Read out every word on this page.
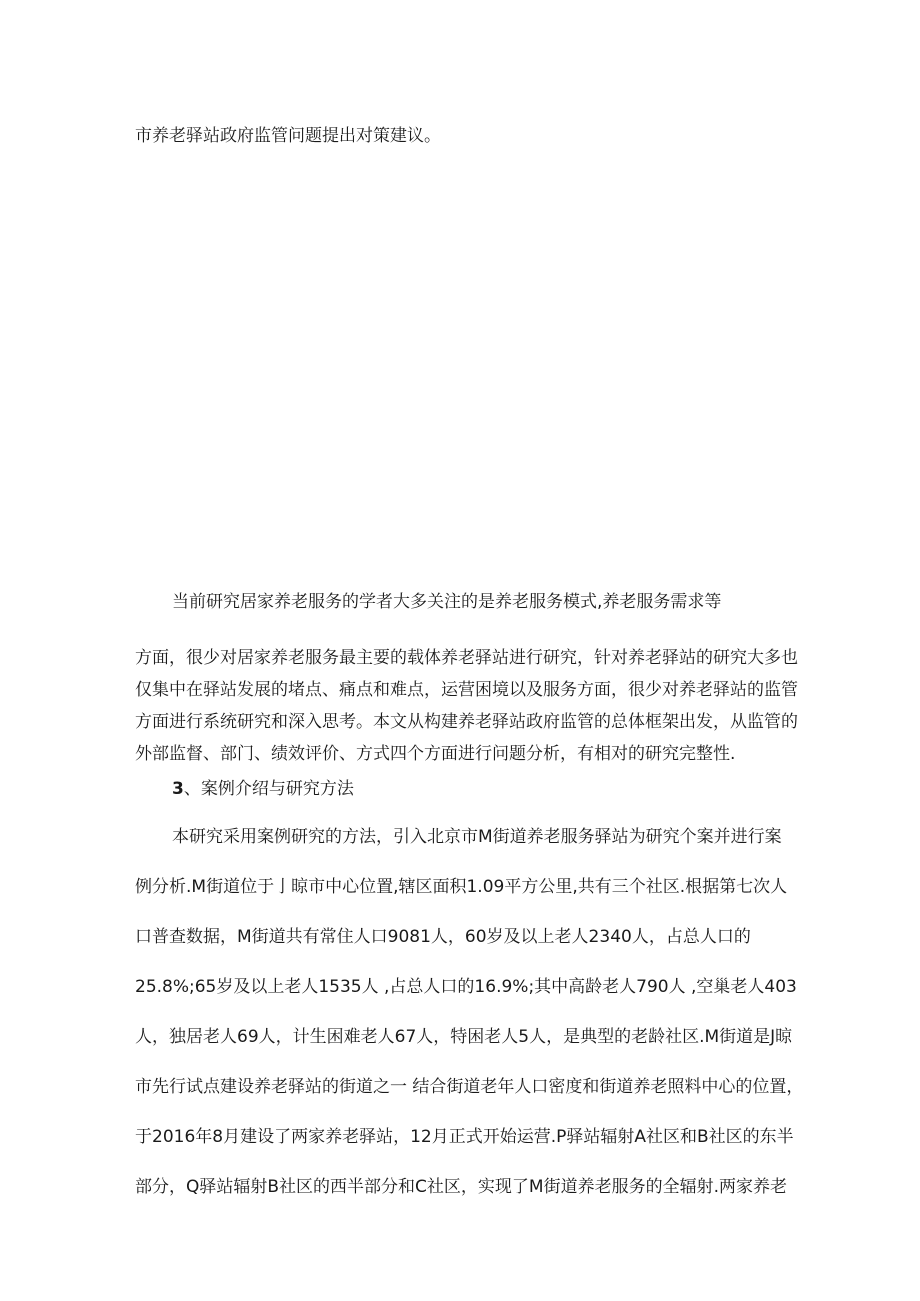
市养老驿站政府监管问题提出对策建议。

当前研究居家养老服务的学者大多关注的是养老服务模式,养老服务需求等

方面，很少对居家养老服务最主要的载体养老驿站进行研究，针对养老驿站的研究大多也

仅集中在驿站发展的堵点、痛点和难点，运营困境以及服务方面，很少对养老驿站的监管

方面进行系统研究和深入思考。本文从构建养老驿站政府监管的总体框架出发，从监管的

外部监督、部门、绩效评价、方式四个方面进行问题分析，有相对的研究完整性.

3、案例介绍与研究方法

本研究采用案例研究的方法，引入北京市M街道养老服务驿站为研究个案并进行案

例分析.M街道位于亅晾市中心位置,辖区面积1.09平方公里,共有三个社区.根据第七次人

口普查数据，M街道共有常住人口9081人，60岁及以上老人2340人，占总人口的

25.8%;65岁及以上老人1535人 ,占总人口的16.9%;其中高龄老人790人 ,空巢老人403

人，独居老人69人，计生困难老人67人，特困老人5人，是典型的老龄社区.M街道是J晾

市先行试点建设养老驿站的街道之一 结合街道老年人口密度和街道养老照料中心的位置，

于2016年8月建设了两家养老驿站，12月正式开始运营.P驿站辐射A社区和B社区的东半

部分，Q驿站辐射B社区的西半部分和C社区，实现了M街道养老服务的全辐射.两家养老
